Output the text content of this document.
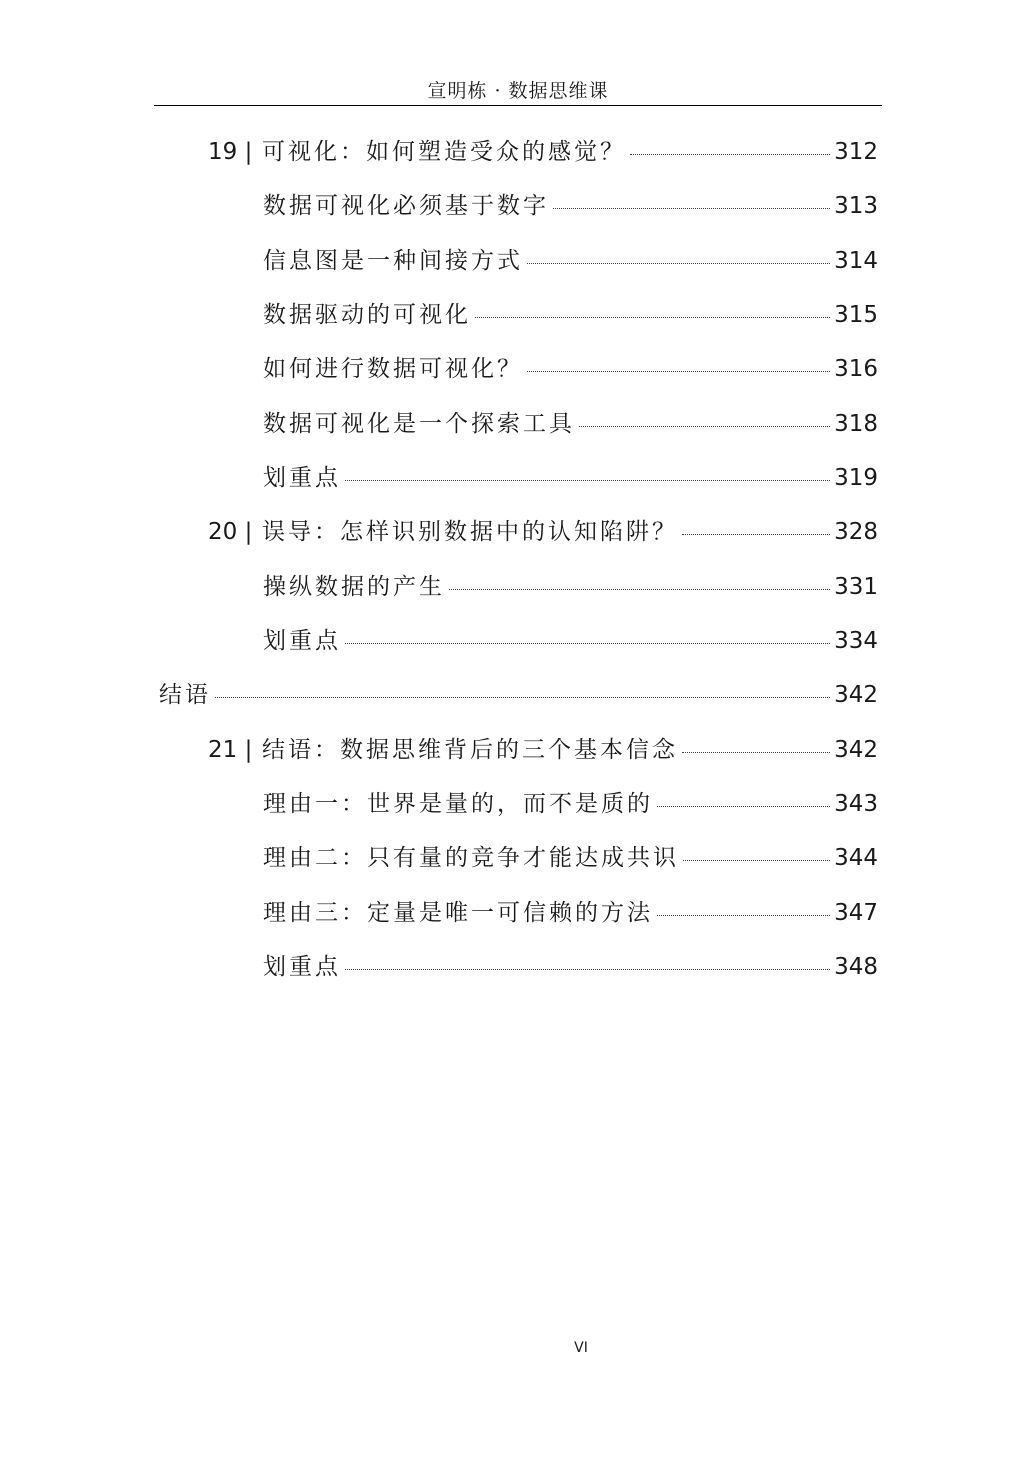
宣明栋 · 数据思维课
19 | 可视化：如何塑造受众的感觉？	312
数据可视化必须基于数字	313
信息图是一种间接方式	314
数据驱动的可视化	315
如何进行数据可视化？	316
数据可视化是一个探索工具	318
划重点	319
20 | 误导：怎样识别数据中的认知陷阱？	328
操纵数据的产生	331
划重点	334
结语	342
21 | 结语：数据思维背后的三个基本信念	342
理由一：世界是量的，而不是质的	343
理由二：只有量的竞争才能达成共识	344
理由三：定量是唯一可信赖的方法	347
划重点	348
VI
